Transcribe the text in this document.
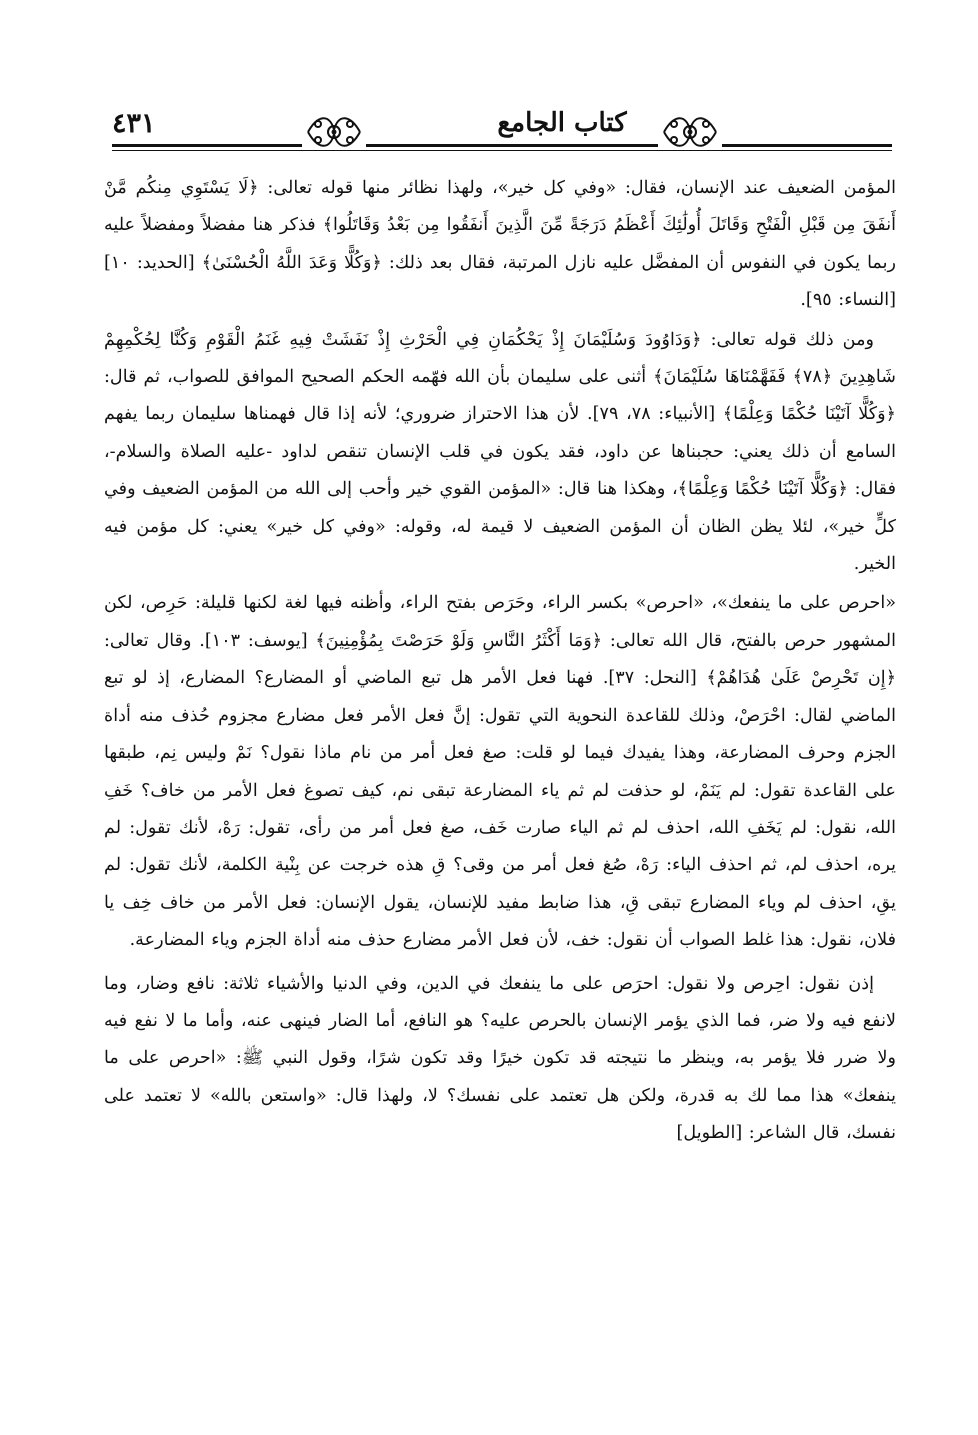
٤٣١	كتاب الجامع

المؤمن الضعيف عند الإنسان، فقال: «وفي كل خير»، ولهذا نظائر منها قوله تعالى: ﴿لَا يَسْتَوِي مِنكُم مَّنْ أَنفَقَ مِن قَبْلِ الْفَتْحِ وَقَاتَلَ أُولَٰئِكَ أَعْظَمُ دَرَجَةً مِّنَ الَّذِينَ أَنفَقُوا مِن بَعْدُ وَقَاتَلُوا﴾ فذكر هنا مفضلاً ومفضلاً عليه ربما يكون في النفوس أن المفضَّل عليه نازل المرتبة، فقال بعد ذلك: ﴿وَكُلًّا وَعَدَ اللَّهُ الْحُسْنَىٰ﴾ [الحديد: ١٠] [النساء: ٩٥].

ومن ذلك قوله تعالى: ﴿وَدَاوُودَ وَسُلَيْمَانَ إِذْ يَحْكُمَانِ فِي الْحَرْثِ إِذْ نَفَشَتْ فِيهِ غَنَمُ الْقَوْمِ وَكُنَّا لِحُكْمِهِمْ شَاهِدِينَ ﴿٧٨﴾ فَفَهَّمْنَاهَا سُلَيْمَانَ﴾ أثنى على سليمان بأن الله فهّمه الحكم الصحيح الموافق للصواب، ثم قال: ﴿وَكُلًّا آتَيْنَا حُكْمًا وَعِلْمًا﴾ [الأنبياء: ٧٨، ٧٩]. لأن هذا الاحتراز ضروري؛ لأنه إذا قال فهمناها سليمان ربما يفهم السامع أن ذلك يعني: حجبناها عن داود، فقد يكون في قلب الإنسان تنقص لداود -عليه الصلاة والسلام-، فقال: ﴿وَكُلًّا آتَيْنَا حُكْمًا وَعِلْمًا﴾، وهكذا هنا قال: «المؤمن القوي خير وأحب إلى الله من المؤمن الضعيف وفي كلٍّ خير»، لئلا يظن الظان أن المؤمن الضعيف لا قيمة له، وقوله: «وفي كل خير» يعني: كل مؤمن فيه الخير.

«احرص على ما ينفعك»، «احرص» بكسر الراء، وحَرَص بفتح الراء، وأظنه فيها لغة لكنها قليلة: حَرِص، لكن المشهور حرص بالفتح، قال الله تعالى: ﴿وَمَا أَكْثَرُ النَّاسِ وَلَوْ حَرَصْتَ بِمُؤْمِنِينَ﴾ [يوسف: ١٠٣]. وقال تعالى: ﴿إِن تَحْرِصْ عَلَىٰ هُدَاهُمْ﴾ [النحل: ٣٧]. فهنا فعل الأمر هل تبع الماضي أو المضارع؟ المضارع، إذ لو تبع الماضي لقال: احْرَصْ، وذلك للقاعدة النحوية التي تقول: إنَّ فعل الأمر فعل مضارع مجزوم حُذف منه أداة الجزم وحرف المضارعة، وهذا يفيدك فيما لو قلت: صغ فعل أمر من نام ماذا نقول؟ نَمْ وليس نِم، طبقها على القاعدة تقول: لم يَنَمْ، لو حذفت لم ثم ياء المضارعة تبقى نم، كيف تصوغ فعل الأمر من خاف؟ خَفِ الله، نقول: لم يَخَفِ الله، احذف لم ثم الياء صارت خَف، صغ فعل أمر من رأى، تقول: رَهْ، لأنك تقول: لم يره، احذف لم، ثم احذف الياء: رَهْ، صُغ فعل أمر من وقى؟ قِ هذه خرجت عن بِنْية الكلمة، لأنك تقول: لم يقِ، احذف لم وياء المضارع تبقى قِ، هذا ضابط مفيد للإنسان، يقول الإنسان: فعل الأمر من خاف خِف يا فلان، نقول: هذا غلط الصواب أن نقول: خف، لأن فعل الأمر مضارع حذف منه أداة الجزم وياء المضارعة.

إذن نقول: احِرص ولا نقول: احرَص على ما ينفعك في الدين، وفي الدنيا والأشياء ثلاثة: نافع وضار، وما لانفع فيه ولا ضر، فما الذي يؤمر الإنسان بالحرص عليه؟ هو النافع، أما الضار فينهى عنه، وأما ما لا نفع فيه ولا ضرر فلا يؤمر به، وينظر ما نتيجته قد تكون خيرًا وقد تكون شرًا، وقول النبي ﷺ: «احرص على ما ينفعك» هذا مما لك به قدرة، ولكن هل تعتمد على نفسك؟ لا، ولهذا قال: «واستعن بالله» لا تعتمد على نفسك، قال الشاعر: [الطويل]
